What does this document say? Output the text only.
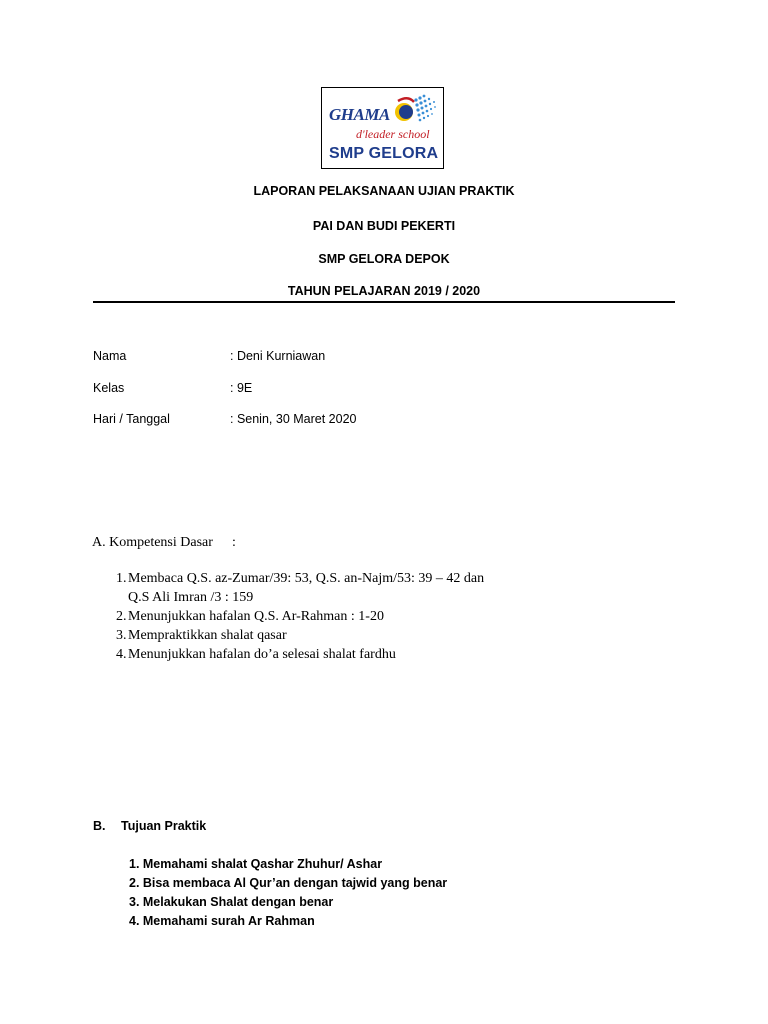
GHAMA
d'leader school
SMP GELORA
LAPORAN PELAKSANAAN UJIAN PRAKTIK
PAI DAN BUDI PEKERTI
SMP GELORA DEPOK
TAHUN PELAJARAN 2019 / 2020
Nama	: Deni Kurniawan
Kelas	: 9E
Hari / Tanggal	: Senin, 30 Maret 2020
A. Kompetensi Dasar :
1. Membaca Q.S. az-Zumar/39: 53, Q.S. an-Najm/53: 39 – 42 dan
Q.S Ali Imran /3 : 159
2. Menunjukkan hafalan Q.S. Ar-Rahman : 1-20
3. Mempraktikkan shalat qasar
4. Menunjukkan hafalan do’a selesai shalat fardhu
B. Tujuan Praktik
1. Memahami shalat Qashar Zhuhur/ Ashar
2. Bisa membaca Al Qur’an dengan tajwid yang benar
3. Melakukan Shalat dengan benar
4. Memahami surah Ar Rahman
